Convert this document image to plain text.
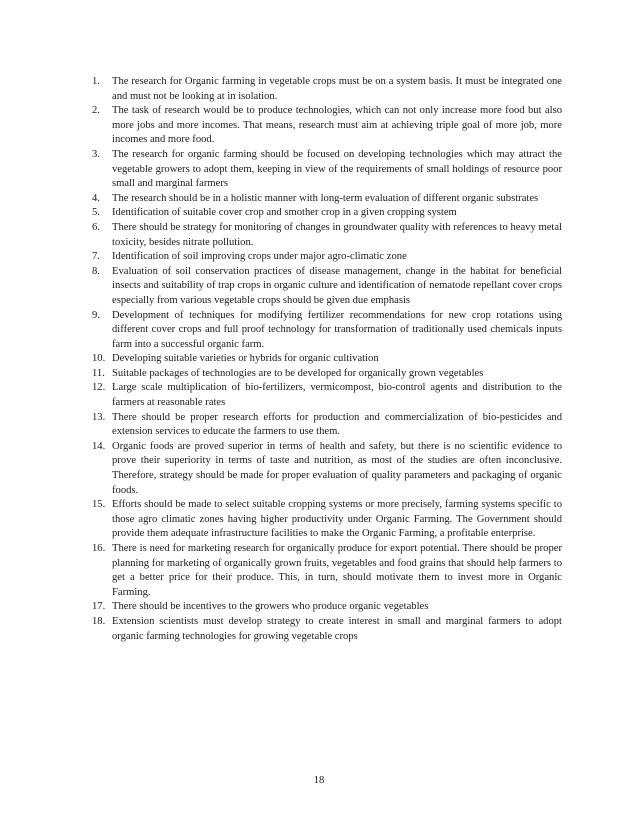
1. The research for Organic farming in vegetable crops must be on a system basis. It must be integrated one and must not be looking at in isolation.
2. The task of research would be to produce technologies, which can not only increase more food but also more jobs and more incomes. That means, research must aim at achieving triple goal of more job, more incomes and more food.
3. The research for organic farming should be focused on developing technologies which may attract the vegetable growers to adopt them, keeping in view of the requirements of small holdings of resource poor small and marginal farmers
4. The research should be in a holistic manner with long-term evaluation of different organic substrates
5. Identification of suitable cover crop and smother crop in a given cropping system
6. There should be strategy for monitoring of changes in groundwater quality with references to heavy metal toxicity, besides nitrate pollution.
7. Identification of soil improving crops under major agro-climatic zone
8. Evaluation of soil conservation practices of disease management, change in the habitat for beneficial insects and suitability of trap crops in organic culture and identification of nematode repellant cover crops especially from various vegetable crops should be given due emphasis
9. Development of techniques for modifying fertilizer recommendations for new crop rotations using different cover crops and full proof technology for transformation of traditionally used chemicals inputs farm into a successful organic farm.
10. Developing suitable varieties or hybrids for organic cultivation
11. Suitable packages of technologies are to be developed for organically grown vegetables
12. Large scale multiplication of bio-fertilizers, vermicompost, bio-control agents and distribution to the farmers at reasonable rates
13. There should be proper research efforts for production and commercialization of bio-pesticides and extension services to educate the farmers to use them.
14. Organic foods are proved superior in terms of health and safety, but there is no scientific evidence to prove their superiority in terms of taste and nutrition, as most of the studies are often inconclusive. Therefore, strategy should be made for proper evaluation of quality parameters and packaging of organic foods.
15. Efforts should be made to select suitable cropping systems or more precisely, farming systems specific to those agro climatic zones having higher productivity under Organic Farming. The Government should provide them adequate infrastructure facilities to make the Organic Farming, a profitable enterprise.
16. There is need for marketing research for organically produce for export potential. There should be proper planning for marketing of organically grown fruits, vegetables and food grains that should help farmers to get a better price for their produce. This, in turn, should motivate them to invest more in Organic Farming.
17. There should be incentives to the growers who produce organic vegetables
18. Extension scientists must develop strategy to create interest in small and marginal farmers to adopt organic farming technologies for growing vegetable crops
18
